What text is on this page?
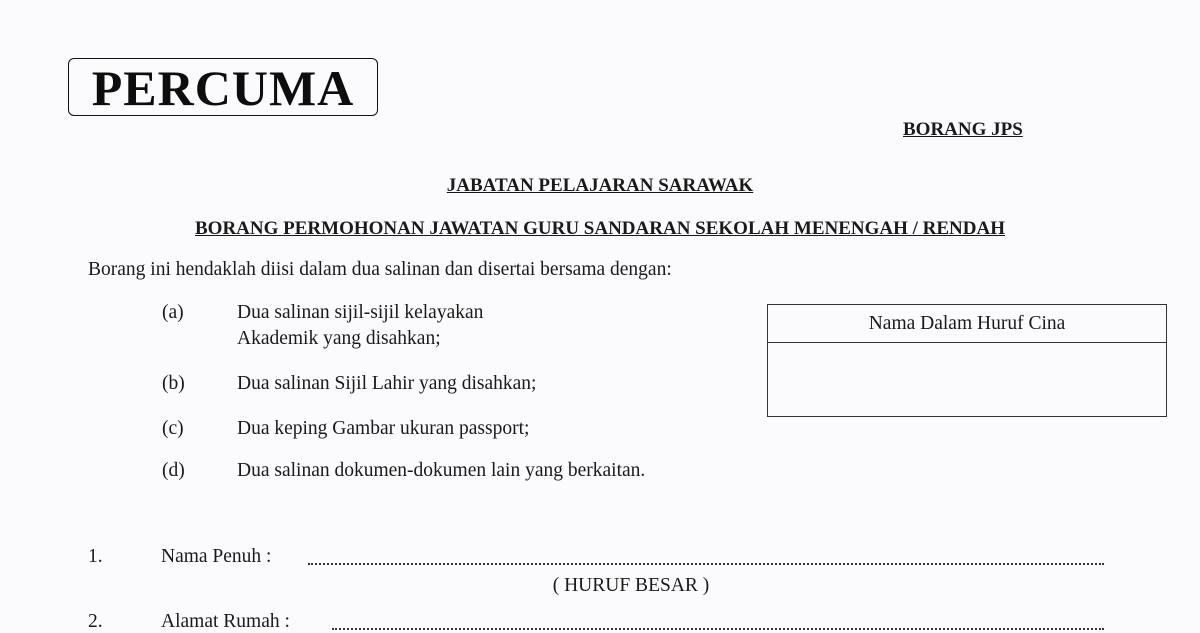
PERCUMA
BORANG JPS
JABATAN PELAJARAN SARAWAK
BORANG PERMOHONAN JAWATAN GURU SANDARAN SEKOLAH MENENGAH / RENDAH
Borang ini hendaklah diisi dalam dua salinan dan disertai bersama dengan:
(a)	Dua salinan sijil-sijil kelayakan
Akademik yang disahkan;
(b)	Dua salinan Sijil Lahir yang disahkan;
(c)	Dua keping Gambar ukuran passport;
(d)	Dua salinan dokumen-dokumen lain yang berkaitan.
Nama Dalam Huruf Cina
1.	Nama Penuh :
( HURUF BESAR )
2.	Alamat Rumah :
